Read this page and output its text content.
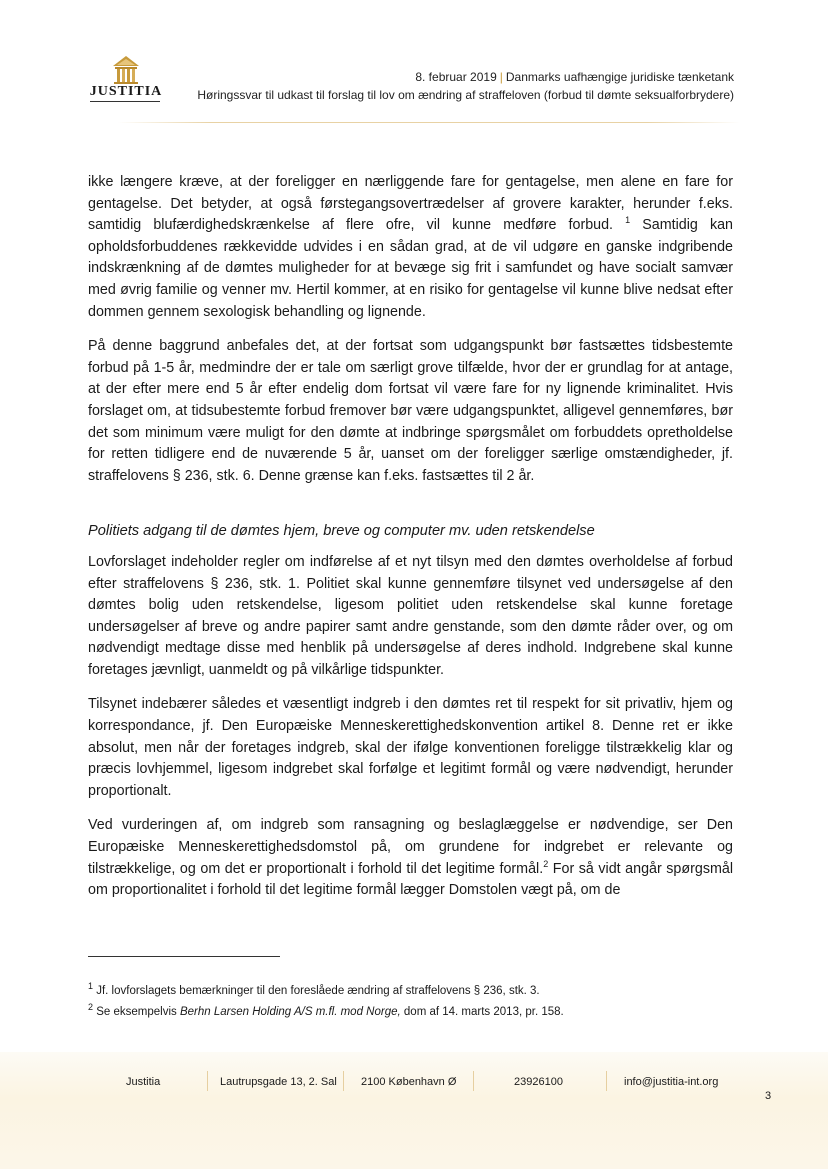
JUSTITIA
8. februar 2019 | Danmarks uafhængige juridiske tænketank
Høringssvar til udkast til forslag til lov om ændring af straffeloven (forbud til dømte seksualforbrydere)

ikke længere kræve, at der foreligger en nærliggende fare for gentagelse, men alene en fare for gentagelse. Det betyder, at også førstegangsovertrædelser af grovere karakter, herunder f.eks. samtidig blufærdighedskrænkelse af flere ofre, vil kunne medføre forbud. $^1$ Samtidig kan opholdsforbuddenes rækkevidde udvides i en sådan grad, at de vil udgøre en ganske indgribende indskrænkning af de dømtes muligheder for at bevæge sig frit i samfundet og have socialt samvær med øvrig familie og venner mv. Hertil kommer, at en risiko for gentagelse vil kunne blive nedsat efter dommen gennem sexologisk behandling og lignende.

På denne baggrund anbefales det, at der fortsat som udgangspunkt bør fastsættes tidsbestemte forbud på 1-5 år, medmindre der er tale om særligt grove tilfælde, hvor der er grundlag for at antage, at der efter mere end 5 år efter endelig dom fortsat vil være fare for ny lignende kriminalitet. Hvis forslaget om, at tidsubestemte forbud fremover bør være udgangspunktet, alligevel gennemføres, bør det som minimum være muligt for den dømte at indbringe spørgsmålet om forbuddets opretholdelse for retten tidligere end de nuværende 5 år, uanset om der foreligger særlige omstændigheder, jf. straffelovens § 236, stk. 6. Denne grænse kan f.eks. fastsættes til 2 år.

Politiets adgang til de dømtes hjem, breve og computer mv. uden retskendelse

Lovforslaget indeholder regler om indførelse af et nyt tilsyn med den dømtes overholdelse af forbud efter straffelovens § 236, stk. 1. Politiet skal kunne gennemføre tilsynet ved undersøgelse af den dømtes bolig uden retskendelse, ligesom politiet uden retskendelse skal kunne foretage undersøgelser af breve og andre papirer samt andre genstande, som den dømte råder over, og om nødvendigt medtage disse med henblik på undersøgelse af deres indhold. Indgrebene skal kunne foretages jævnligt, uanmeldt og på vilkårlige tidspunkter.

Tilsynet indebærer således et væsentligt indgreb i den dømtes ret til respekt for sit privatliv, hjem og korrespondance, jf. Den Europæiske Menneskerettighedskonvention artikel 8. Denne ret er ikke absolut, men når der foretages indgreb, skal der ifølge konventionen foreligge tilstrækkelig klar og præcis lovhjemmel, ligesom indgrebet skal forfølge et legitimt formål og være nødvendigt, herunder proportionalt.

Ved vurderingen af, om indgreb som ransagning og beslaglæggelse er nødvendige, ser Den Europæiske Menneskerettighedsdomstol på, om grundene for indgrebet er relevante og tilstrækkelige, og om det er proportionalt i forhold til det legitime formål.$^2$ For så vidt angår spørgsmål om proportionalitet i forhold til det legitime formål lægger Domstolen vægt på, om de

$^1$ Jf. lovforslagets bemærkninger til den foreslåede ændring af straffelovens § 236, stk. 3.
$^2$ Se eksempelvis Berhn Larsen Holding A/S m.fl. mod Norge, dom af 14. marts 2013, pr. 158.
Justitia	Lautrupsgade 13, 2. Sal 2100 København Ø	23926100	info@justitia-int.org
3
